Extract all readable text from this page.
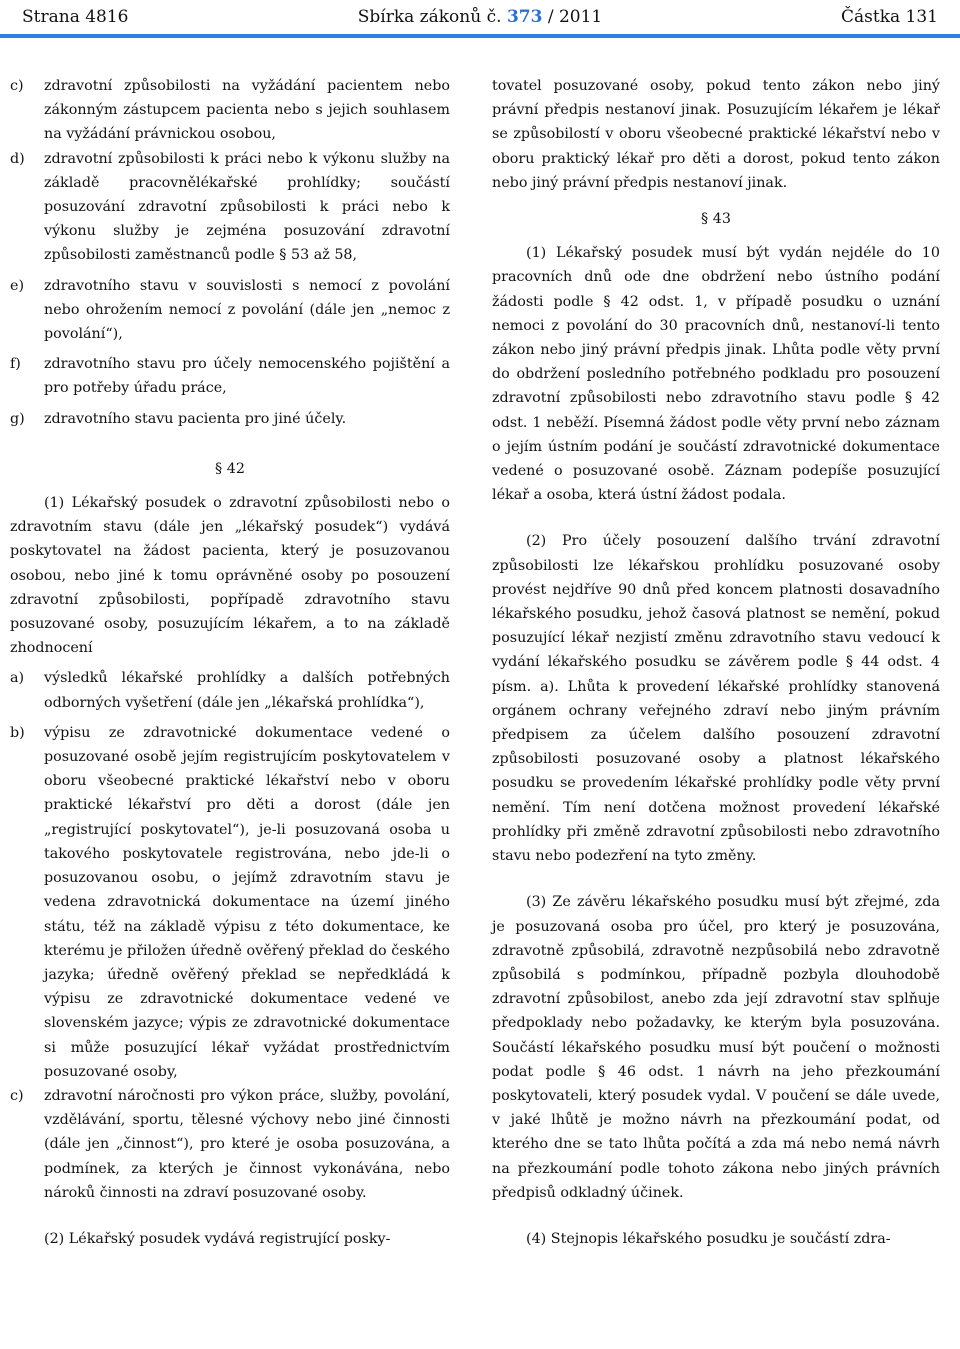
Strana 4816	Sbírka zákonů č. 373 / 2011	Částka 131
c)	zdravotní způsobilosti na vyžádání pacientem nebo zákonným zástupcem pacienta nebo s jejich souhlasem na vyžádání právnickou osobou,
d)	zdravotní způsobilosti k práci nebo k výkonu služby na základě pracovnělékařské prohlídky; součástí posuzování zdravotní způsobilosti k práci nebo k výkonu služby je zejména posuzování zdravotní způsobilosti zaměstnanců podle § 53 až 58,
e)	zdravotního stavu v souvislosti s nemocí z povolání nebo ohrožením nemocí z povolání (dále jen „nemoc z povolání“),
f)	zdravotního stavu pro účely nemocenského pojištění a pro potřeby úřadu práce,
g)	zdravotního stavu pacienta pro jiné účely.

§ 42

(1) Lékařský posudek o zdravotní způsobilosti nebo o zdravotním stavu (dále jen „lékařský posudek“) vydává poskytovatel na žádost pacienta, který je posuzovanou osobou, nebo jiné k tomu oprávněné osoby po posouzení zdravotní způsobilosti, popřípadě zdravotního stavu posuzované osoby, posuzujícím lékařem, a to na základě zhodnocení

a)	výsledků lékařské prohlídky a dalších potřebných odborných vyšetření (dále jen „lékařská prohlídka“),
b)	výpisu ze zdravotnické dokumentace vedené o posuzované osobě jejím registrujícím poskytovatelem v oboru všeobecné praktické lékařství nebo v oboru praktické lékařství pro děti a dorost (dále jen „registrující poskytovatel“), je-li posuzovaná osoba u takového poskytovatele registrována, nebo jde-li o posuzovanou osobu, o jejímž zdravotním stavu je vedena zdravotnická dokumentace na území jiného státu, též na základě výpisu z této dokumentace, ke kterému je přiložen úředně ověřený překlad do českého jazyka; úředně ověřený překlad se nepředkládá k výpisu ze zdravotnické dokumentace vedené ve slovenském jazyce; výpis ze zdravotnické dokumentace si může posuzující lékař vyžádat prostřednictvím posuzované osoby,
c)	zdravotní náročnosti pro výkon práce, služby, povolání, vzdělávání, sportu, tělesné výchovy nebo jiné činnosti (dále jen „činnost“), pro které je osoba posuzována, a podmínek, za kterých je činnost vykonávána, nebo nároků činnosti na zdraví posuzované osoby.

(2) Lékařský posudek vydává registrující posky-

tovatel posuzované osoby, pokud tento zákon nebo jiný právní předpis nestanoví jinak. Posuzujícím lékařem je lékař se způsobilostí v oboru všeobecné praktické lékařství nebo v oboru praktický lékař pro děti a dorost, pokud tento zákon nebo jiný právní předpis nestanoví jinak.

§ 43

(1) Lékařský posudek musí být vydán nejdéle do 10 pracovních dnů ode dne obdržení nebo ústního podání žádosti podle § 42 odst. 1, v případě posudku o uznání nemoci z povolání do 30 pracovních dnů, nestanoví-li tento zákon nebo jiný právní předpis jinak. Lhůta podle věty první do obdržení posledního potřebného podkladu pro posouzení zdravotní způsobilosti nebo zdravotního stavu podle § 42 odst. 1 neběží. Písemná žádost podle věty první nebo záznam o jejím ústním podání je součástí zdravotnické dokumentace vedené o posuzované osobě. Záznam podepíše posuzující lékař a osoba, která ústní žádost podala.

(2) Pro účely posouzení dalšího trvání zdravotní způsobilosti lze lékařskou prohlídku posuzované osoby provést nejdříve 90 dnů před koncem platnosti dosavadního lékařského posudku, jehož časová platnost se nemění, pokud posuzující lékař nezjistí změnu zdravotního stavu vedoucí k vydání lékařského posudku se závěrem podle § 44 odst. 4 písm. a). Lhůta k provedení lékařské prohlídky stanovená orgánem ochrany veřejného zdraví nebo jiným právním předpisem za účelem dalšího posouzení zdravotní způsobilosti posuzované osoby a platnost lékařského posudku se provedením lékařské prohlídky podle věty první nemění. Tím není dotčena možnost provedení lékařské prohlídky při změně zdravotní způsobilosti nebo zdravotního stavu nebo podezření na tyto změny.

(3) Ze závěru lékařského posudku musí být zřejmé, zda je posuzovaná osoba pro účel, pro který je posuzována, zdravotně způsobilá, zdravotně nezpůsobilá nebo zdravotně způsobilá s podmínkou, případně pozbyla dlouhodobě zdravotní způsobilost, anebo zda její zdravotní stav splňuje předpoklady nebo požadavky, ke kterým byla posuzována. Součástí lékařského posudku musí být poučení o možnosti podat podle § 46 odst. 1 návrh na jeho přezkoumání poskytovateli, který posudek vydal. V poučení se dále uvede, v jaké lhůtě je možno návrh na přezkoumání podat, od kterého dne se tato lhůta počítá a zda má nebo nemá návrh na přezkoumání podle tohoto zákona nebo jiných právních předpisů odkladný účinek.

(4) Stejnopis lékařského posudku je součástí zdra-
